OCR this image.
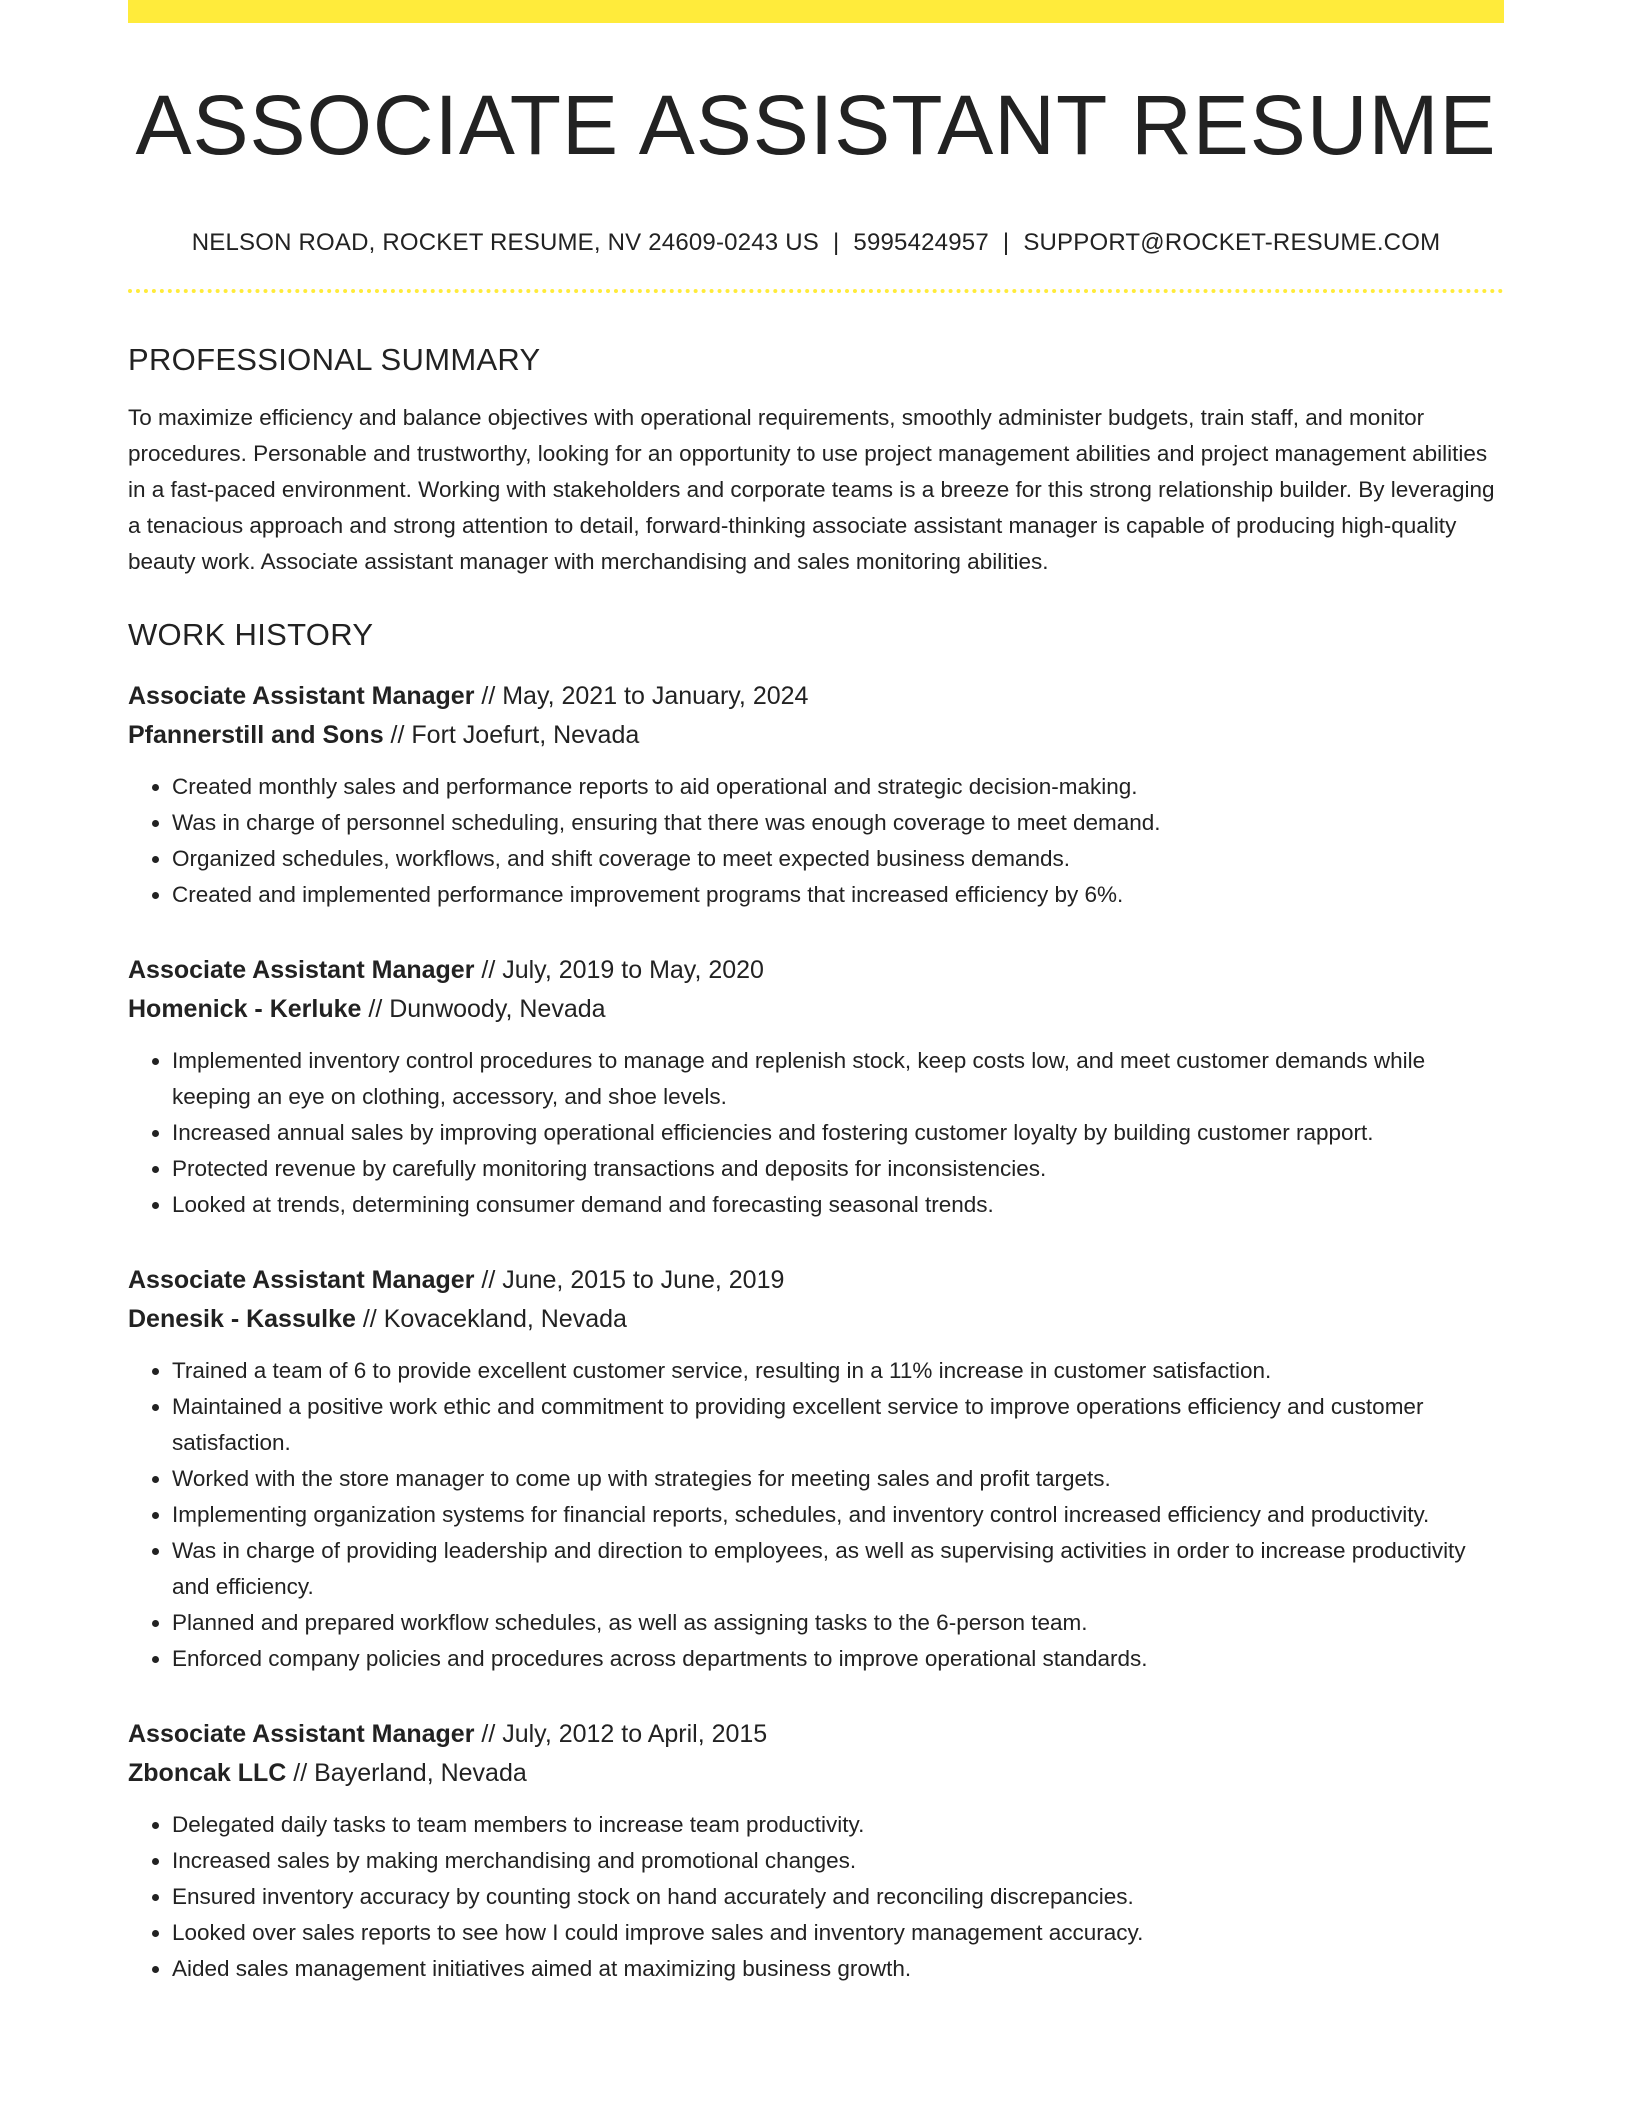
ASSOCIATE ASSISTANT RESUME
NELSON ROAD, ROCKET RESUME, NV 24609-0243 US | 5995424957 | SUPPORT@ROCKET-RESUME.COM
PROFESSIONAL SUMMARY

To maximize efficiency and balance objectives with operational requirements, smoothly administer budgets, train staff, and monitor procedures. Personable and trustworthy, looking for an opportunity to use project management abilities and project management abilities in a fast-paced environment. Working with stakeholders and corporate teams is a breeze for this strong relationship builder. By leveraging a tenacious approach and strong attention to detail, forward-thinking associate assistant manager is capable of producing high-quality beauty work. Associate assistant manager with merchandising and sales monitoring abilities.

WORK HISTORY
Associate Assistant Manager // May, 2021 to January, 2024
Pfannerstill and Sons // Fort Joefurt, Nevada
• Created monthly sales and performance reports to aid operational and strategic decision-making.
• Was in charge of personnel scheduling, ensuring that there was enough coverage to meet demand.
• Organized schedules, workflows, and shift coverage to meet expected business demands.
• Created and implemented performance improvement programs that increased efficiency by 6%.
Associate Assistant Manager // July, 2019 to May, 2020
Homenick - Kerluke // Dunwoody, Nevada
• Implemented inventory control procedures to manage and replenish stock, keep costs low, and meet customer demands while keeping an eye on clothing, accessory, and shoe levels.
• Increased annual sales by improving operational efficiencies and fostering customer loyalty by building customer rapport.
• Protected revenue by carefully monitoring transactions and deposits for inconsistencies.
• Looked at trends, determining consumer demand and forecasting seasonal trends.
Associate Assistant Manager // June, 2015 to June, 2019
Denesik - Kassulke // Kovacekland, Nevada
• Trained a team of 6 to provide excellent customer service, resulting in a 11% increase in customer satisfaction.
• Maintained a positive work ethic and commitment to providing excellent service to improve operations efficiency and customer satisfaction.
• Worked with the store manager to come up with strategies for meeting sales and profit targets.
• Implementing organization systems for financial reports, schedules, and inventory control increased efficiency and productivity.
• Was in charge of providing leadership and direction to employees, as well as supervising activities in order to increase productivity and efficiency.
• Planned and prepared workflow schedules, as well as assigning tasks to the 6-person team.
• Enforced company policies and procedures across departments to improve operational standards.
Associate Assistant Manager // July, 2012 to April, 2015
Zboncak LLC // Bayerland, Nevada
• Delegated daily tasks to team members to increase team productivity.
• Increased sales by making merchandising and promotional changes.
• Ensured inventory accuracy by counting stock on hand accurately and reconciling discrepancies.
• Looked over sales reports to see how I could improve sales and inventory management accuracy.
• Aided sales management initiatives aimed at maximizing business growth.
